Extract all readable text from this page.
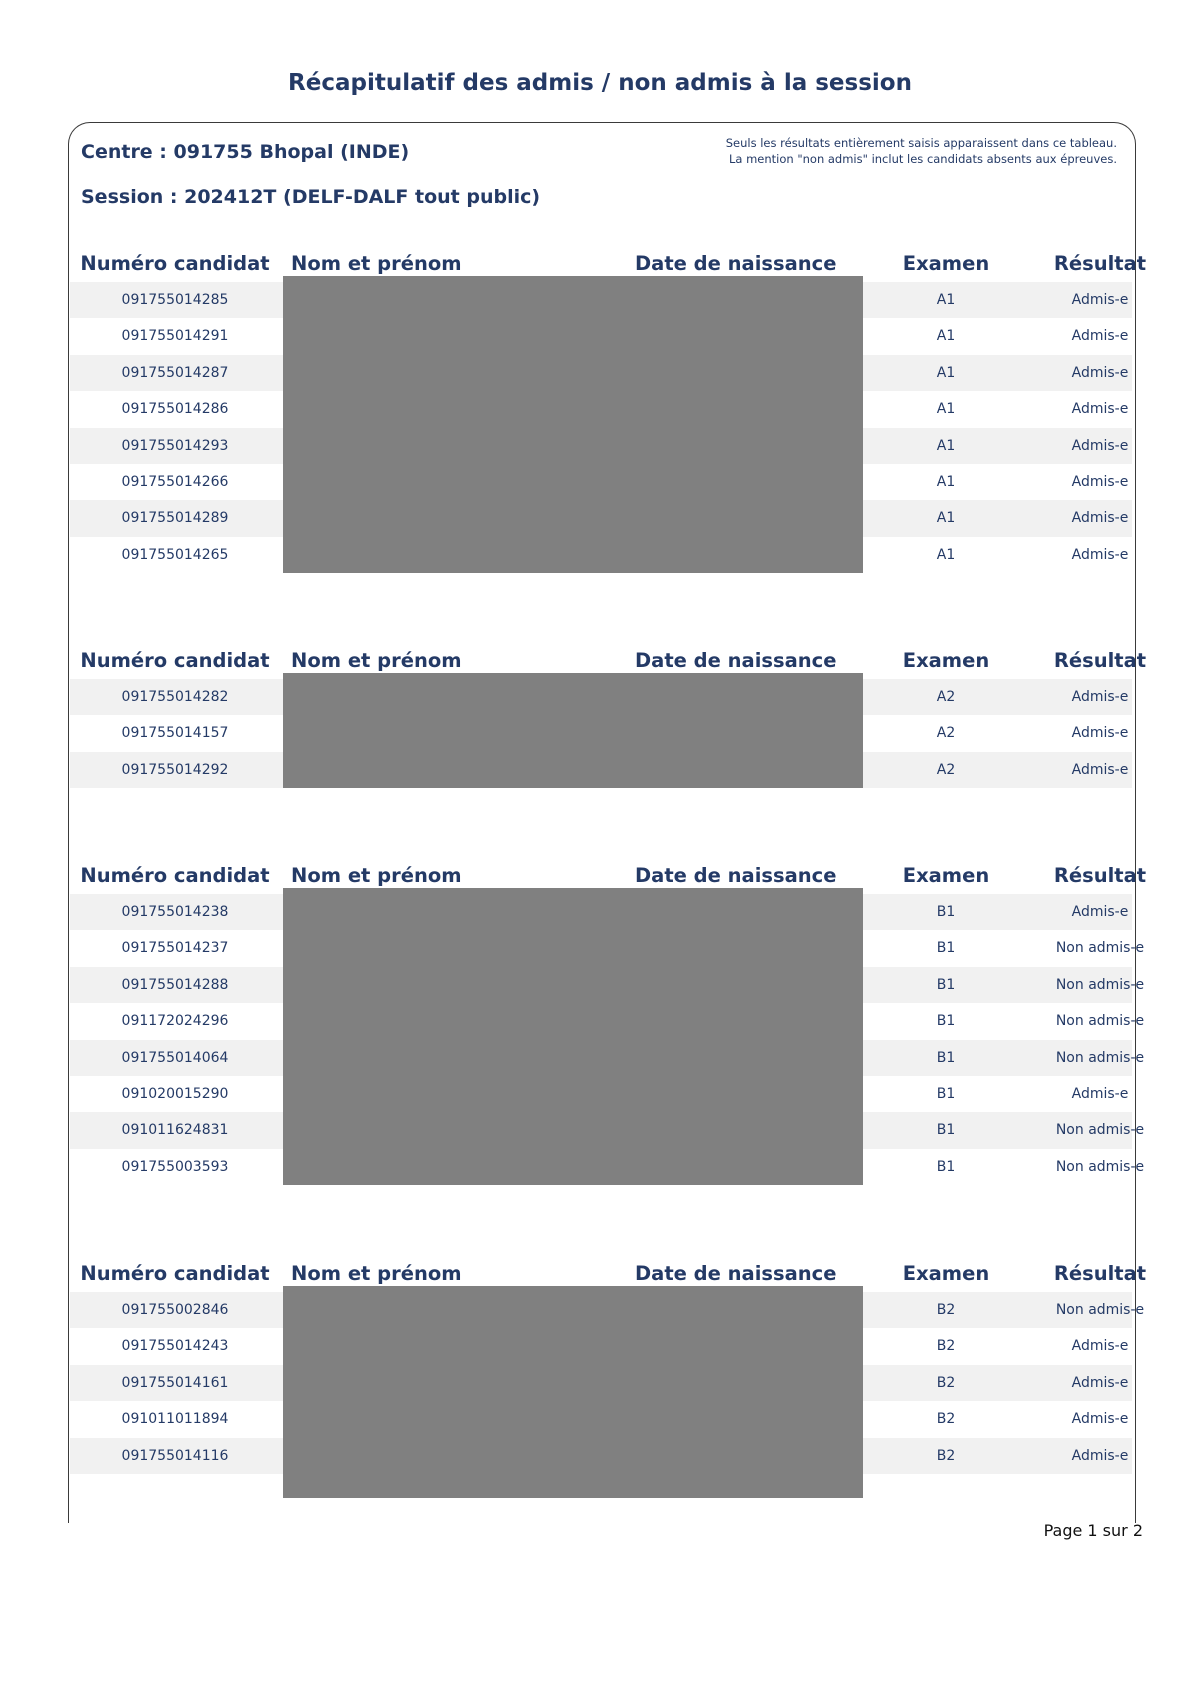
Récapitulatif des admis / non admis à la session
Centre : 091755 Bhopal (INDE)
Session : 202412T (DELF-DALF tout public)
Seuls les résultats entièrement saisis apparaissent dans ce tableau.
La mention "non admis" inclut les candidats absents aux épreuves.
Numéro candidat	Nom et prénom	Date de naissance	Examen	Résultat
091755014285	A1	Admis-e
091755014291	A1	Admis-e
091755014287	A1	Admis-e
091755014286	A1	Admis-e
091755014293	A1	Admis-e
091755014266	A1	Admis-e
091755014289	A1	Admis-e
091755014265	A1	Admis-e
Numéro candidat	Nom et prénom	Date de naissance	Examen	Résultat
091755014282	A2	Admis-e
091755014157	A2	Admis-e
091755014292	A2	Admis-e
Numéro candidat	Nom et prénom	Date de naissance	Examen	Résultat
091755014238	B1	Admis-e
091755014237	B1	Non admis-e
091755014288	B1	Non admis-e
091172024296	B1	Non admis-e
091755014064	B1	Non admis-e
091020015290	B1	Admis-e
091011624831	B1	Non admis-e
091755003593	B1	Non admis-e
Numéro candidat	Nom et prénom	Date de naissance	Examen	Résultat
091755002846	B2	Non admis-e
091755014243	B2	Admis-e
091755014161	B2	Admis-e
091011011894	B2	Admis-e
091755014116	B2	Admis-e
Page 1 sur 2
